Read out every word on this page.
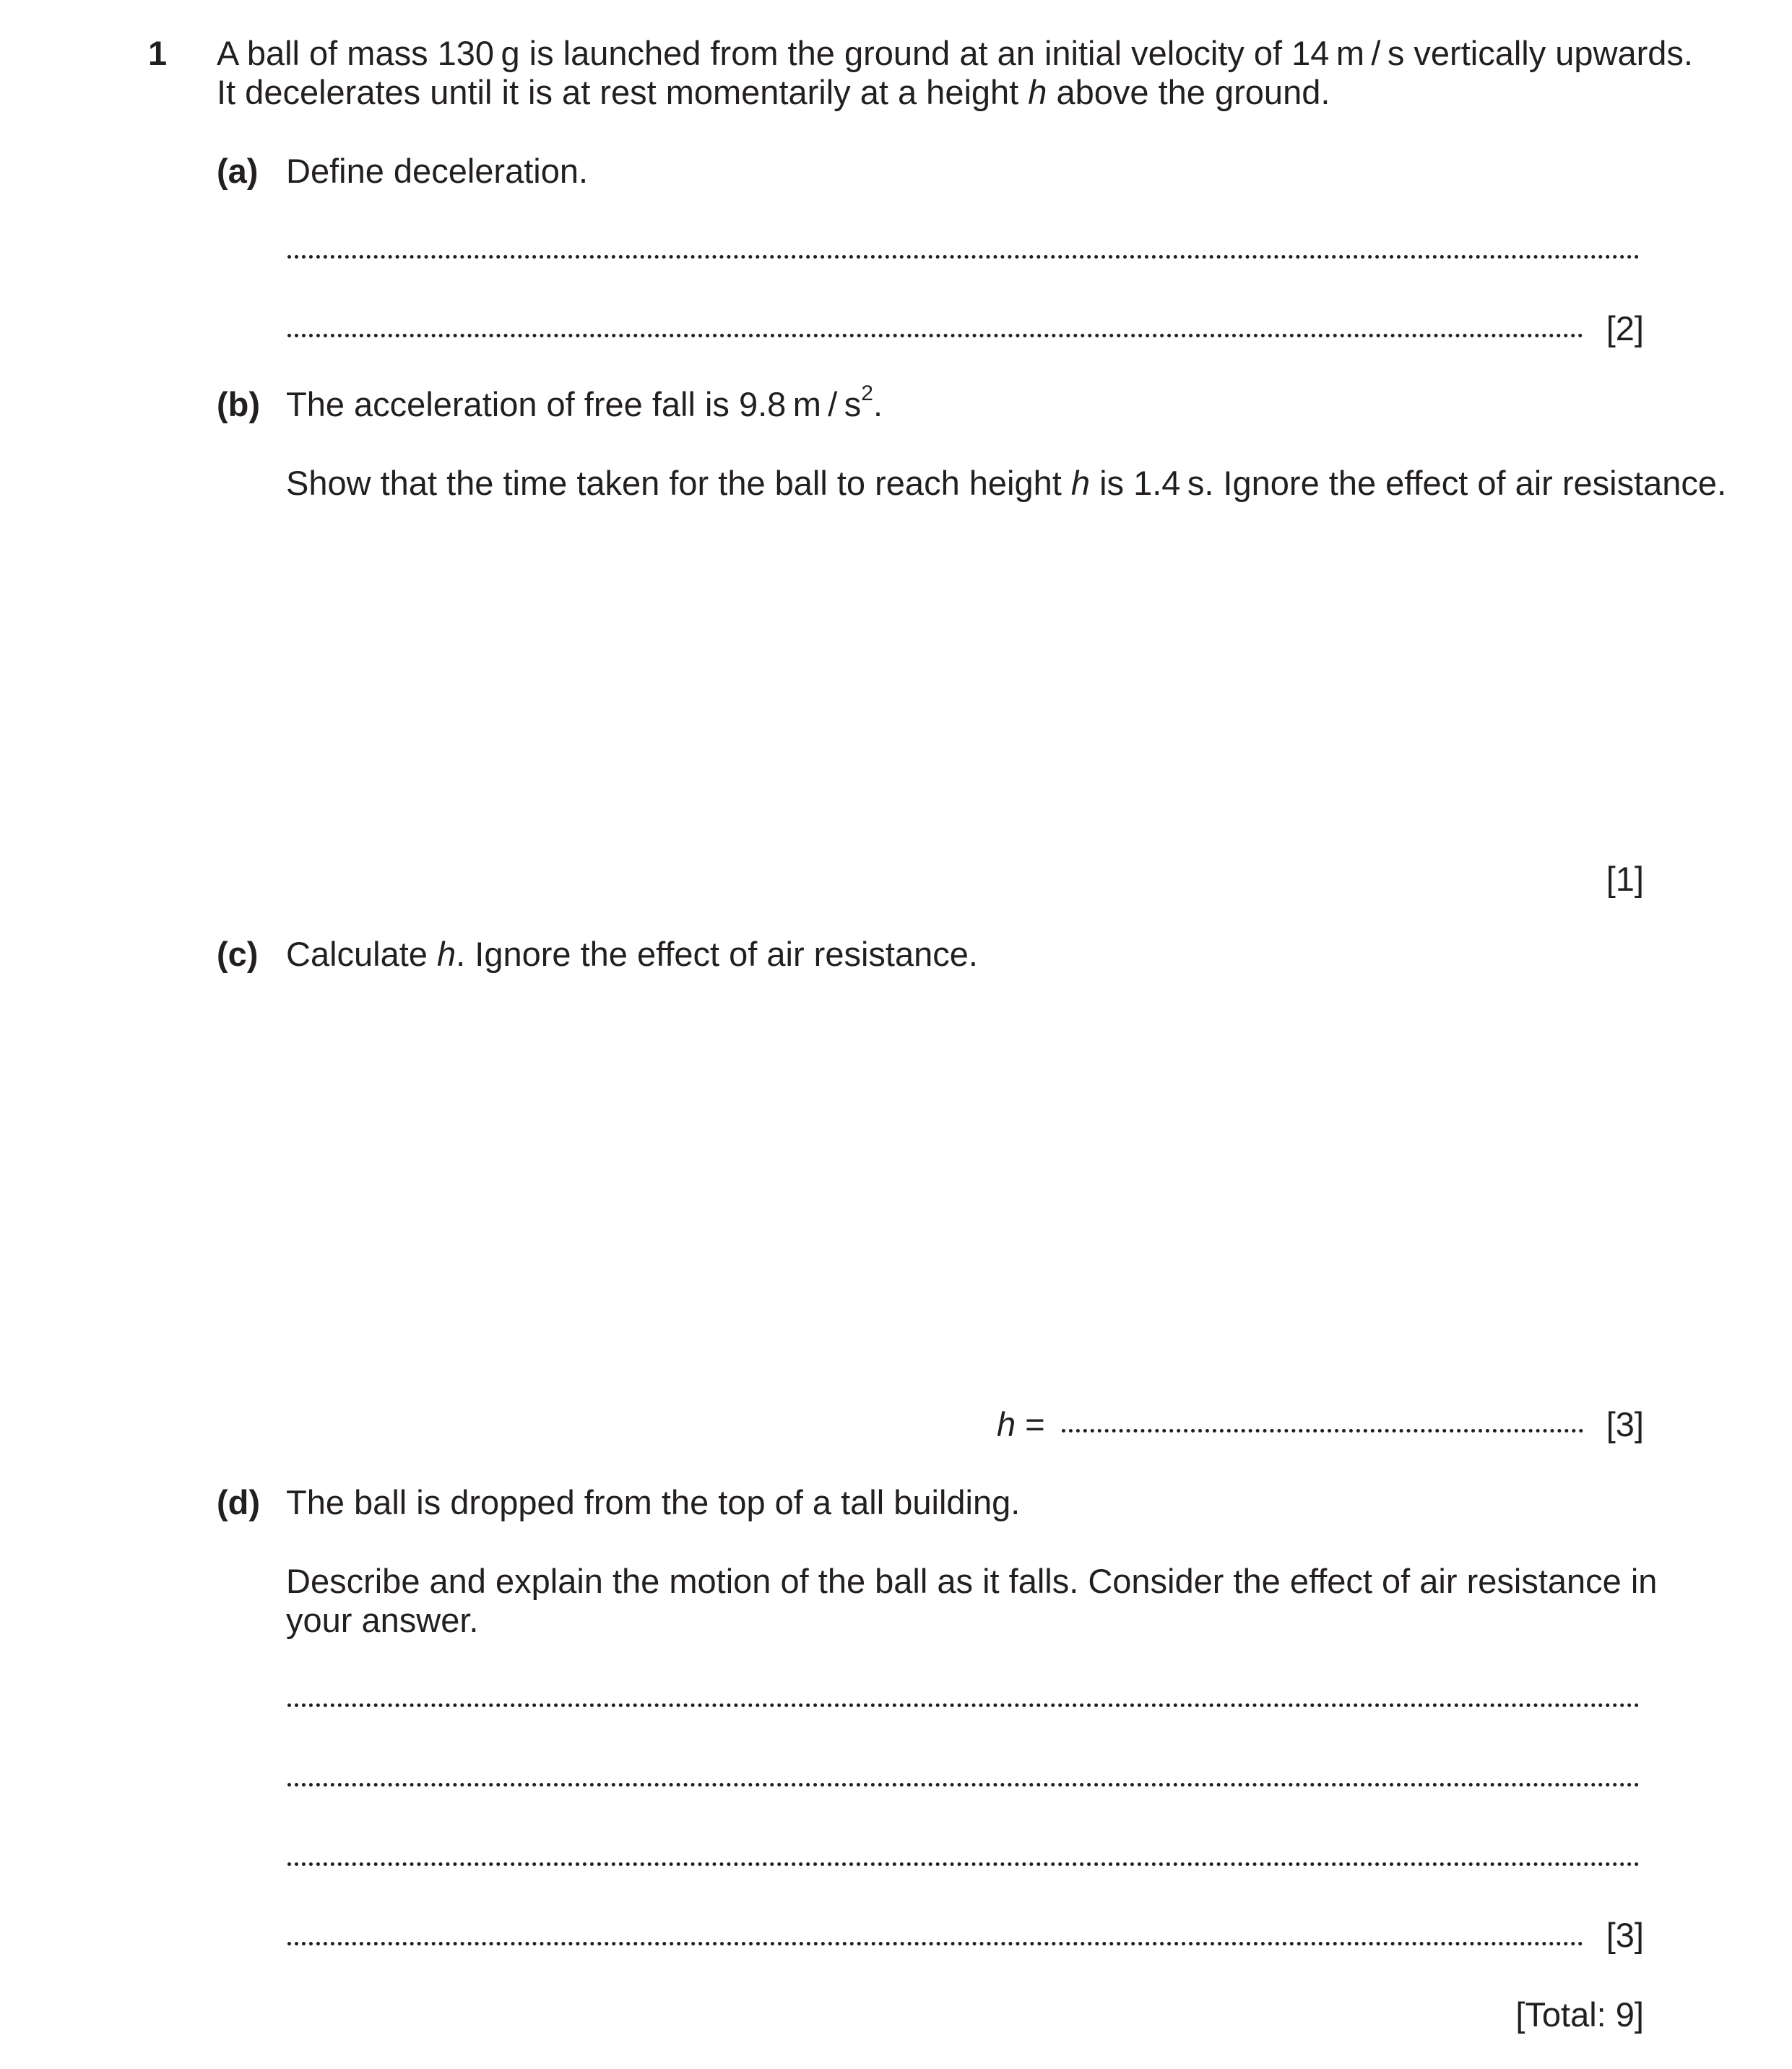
1 A ball of mass 130 g is launched from the ground at an initial velocity of 14 m / s vertically upwards.
It decelerates until it is at rest momentarily at a height h above the ground.
(a) Define deceleration.
[2]
(b) The acceleration of free fall is 9.8 m / $s^2$.
Show that the time taken for the ball to reach height h is 1.4 s. Ignore the effect of air resistance.
[1]
(c) Calculate h. Ignore the effect of air resistance.
h =	[3]
(d) The ball is dropped from the top of a tall building.
Describe and explain the motion of the ball as it falls. Consider the effect of air resistance in
your answer.
[3]
[Total: 9]
